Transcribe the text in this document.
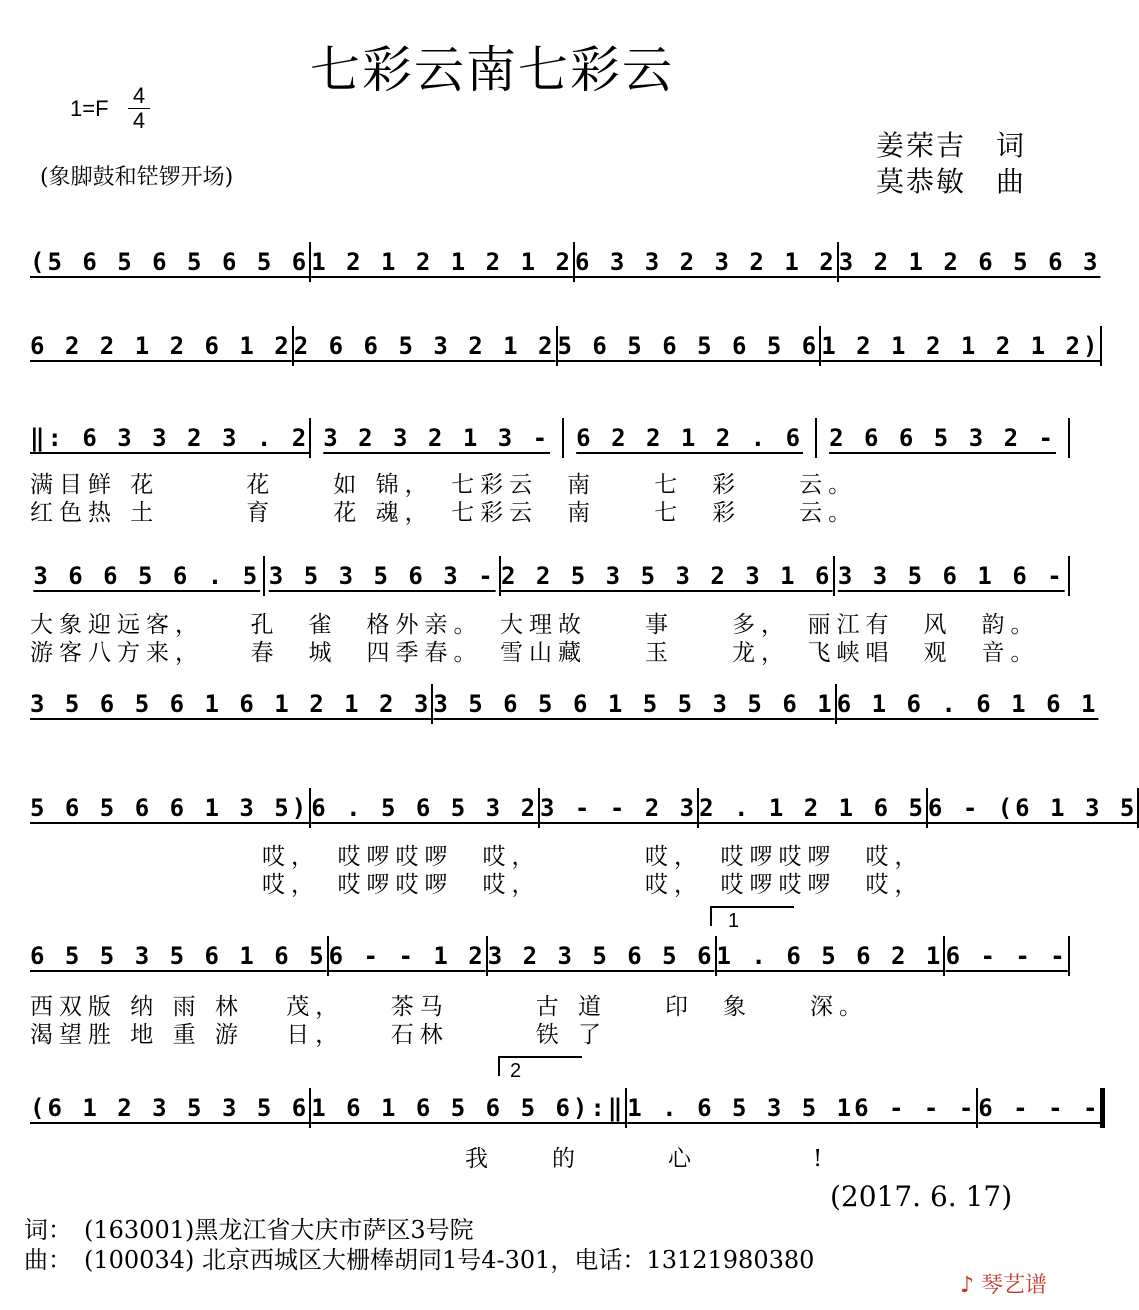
七彩云南七彩云
1=F
4
4
(象脚鼓和铓锣开场)
姜荣吉　词
莫恭敏　曲
(5 6 5 6 5 6 5 6 1 2 1 2 1 2 1 2 6 3 3 2 3 2 1 2 3 2 1 2 6 5 6 3
6 2 2 1 2 6 1 2 2 6 6 5 3 2 1 2 5 6 5 6 5 6 5 6 1 2 1 2 1 2 1 2)
‖: 6 3 3 2 3 . 2 3 2 3 2 1 3 -	6 2 2 1 2 . 6	2 6 6 5 3 2 -
满目鲜 花　　　花　　如 锦，　七彩云　南　　七　彩　　云。
红色热 土　　　育　　花 魂，　七彩云　南　　七　彩　　云。
3 6 6 5 6 . 5 3 5 3 5 6 3 - 2 2 5 3 5 3 2 3 1 6 3 3 5 6 1 6 -
大象迎远客，　　孔　雀　格外亲。　大理故　　事　　多，　丽江有　风　韵。
游客八方来，　　春　城　四季春。　雪山藏　　玉　　龙，　飞峡唱　观　音。
3 5 6 5 6 1 6 1 2 1 2 3 3 5 6 5 6 1 5 5 3 5 6 1 6 1 6 . 6 1 6 1
5 6 5 6 6 1 3 5) 6 . 5 6 5 3 2 3 - - 2 3 2 . 1 2 1 6 5 6 - (6 1 3 5
　　　　　　　　哎，　哎啰哎啰　哎，　　　　哎，　哎啰哎啰　哎，
　　　　　　　　哎，　哎啰哎啰　哎，　　　　哎，　哎啰哎啰　哎，
1
6 5 5 3 5 6 1 6 5 6 - - 1 2 3 2 3 5 6 5 6 1 . 6 5 6 2 1 6 - - -
西双版 纳 雨 林　 茂，　　茶马　　　古 道　　印　象　　深。
渴望胜 地 重 游　 日，　　石林　　　铁 了
2
(6 1 2 3 5 3 5 6 1 6 1 6 5 6 5 6):‖ 1 . 6 5 3 5 1 6 - - - 6 - - -
　　　　　　　　　　　　　　　我　　的　　　心　　　　!
(2017. 6. 17)
词：　(163001)黑龙江省大庆市萨区3号院
曲：　(100034) 北京西城区大栅棒胡同1号4-301，电话：13121980380
♪ 琴艺谱
